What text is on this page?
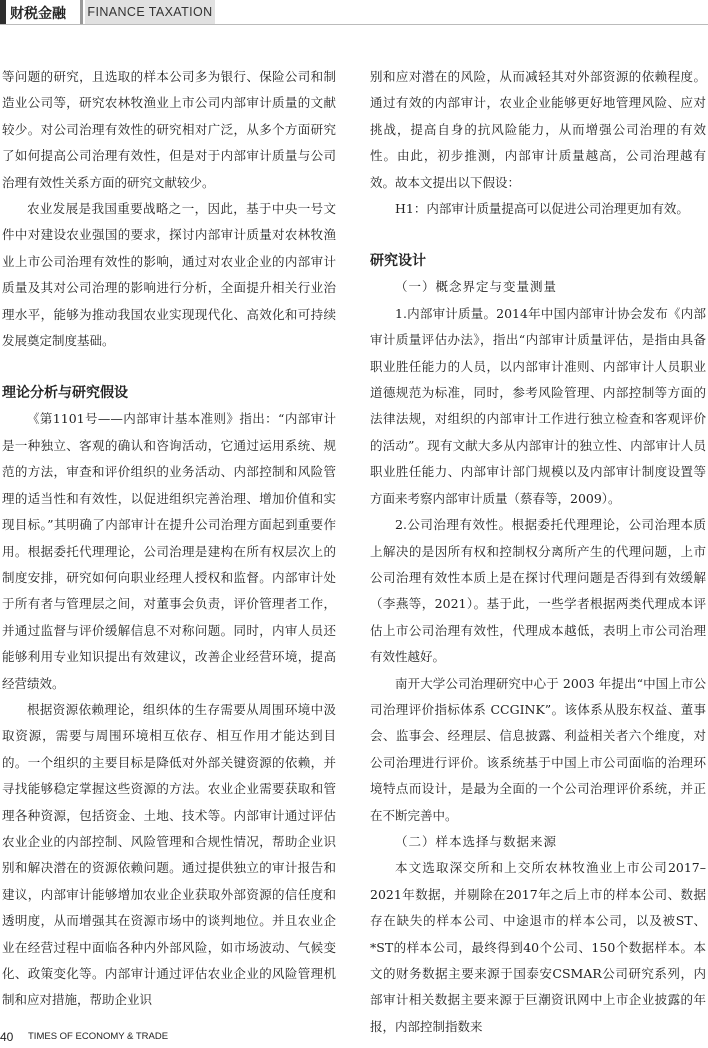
财税金融 FINANCE TAXATION

等问题的研究，且选取的样本公司多为银行、保险公司和制造业公司等，研究农林牧渔业上市公司内部审计质量的文献较少。对公司治理有效性的研究相对广泛，从多个方面研究了如何提高公司治理有效性，但是对于内部审计质量与公司治理有效性关系方面的研究文献较少。

农业发展是我国重要战略之一，因此，基于中央一号文件中对建设农业强国的要求，探讨内部审计质量对农林牧渔业上市公司治理有效性的影响，通过对农业企业的内部审计质量及其对公司治理的影响进行分析，全面提升相关行业治理水平，能够为推动我国农业实现现代化、高效化和可持续发展奠定制度基础。

理论分析与研究假设

《第1101号——内部审计基本准则》指出：“内部审计是一种独立、客观的确认和咨询活动，它通过运用系统、规范的方法，审查和评价组织的业务活动、内部控制和风险管理的适当性和有效性，以促进组织完善治理、增加价值和实现目标。”其明确了内部审计在提升公司治理方面起到重要作用。根据委托代理理论，公司治理是建构在所有权层次上的制度安排，研究如何向职业经理人授权和监督。内部审计处于所有者与管理层之间，对董事会负责，评价管理者工作，并通过监督与评价缓解信息不对称问题。同时，内审人员还能够利用专业知识提出有效建议，改善企业经营环境，提高经营绩效。

根据资源依赖理论，组织体的生存需要从周围环境中汲取资源，需要与周围环境相互依存、相互作用才能达到目的。一个组织的主要目标是降低对外部关键资源的依赖，并寻找能够稳定掌握这些资源的方法。农业企业需要获取和管理各种资源，包括资金、土地、技术等。内部审计通过评估农业企业的内部控制、风险管理和合规性情况，帮助企业识别和解决潜在的资源依赖问题。通过提供独立的审计报告和建议，内部审计能够增加农业企业获取外部资源的信任度和透明度，从而增强其在资源市场中的谈判地位。并且农业企业在经营过程中面临各种内外部风险，如市场波动、气候变化、政策变化等。内部审计通过评估农业企业的风险管理机制和应对措施，帮助企业识

别和应对潜在的风险，从而减轻其对外部资源的依赖程度。通过有效的内部审计，农业企业能够更好地管理风险、应对挑战，提高自身的抗风险能力，从而增强公司治理的有效性。由此，初步推测，内部审计质量越高，公司治理越有效。故本文提出以下假设：

H1：内部审计质量提高可以促进公司治理更加有效。

研究设计

（一）概念界定与变量测量

1.内部审计质量。2014年中国内部审计协会发布《内部审计质量评估办法》，指出“内部审计质量评估，是指由具备职业胜任能力的人员，以内部审计准则、内部审计人员职业道德规范为标准，同时，参考风险管理、内部控制等方面的法律法规，对组织的内部审计工作进行独立检查和客观评价的活动”。现有文献大多从内部审计的独立性、内部审计人员职业胜任能力、内部审计部门规模以及内部审计制度设置等方面来考察内部审计质量（蔡春等，2009）。

2.公司治理有效性。根据委托代理理论，公司治理本质上解决的是因所有权和控制权分离所产生的代理问题，上市公司治理有效性本质上是在探讨代理问题是否得到有效缓解（李燕等，2021）。基于此，一些学者根据两类代理成本评估上市公司治理有效性，代理成本越低，表明上市公司治理有效性越好。

南开大学公司治理研究中心于 2003 年提出“中国上市公司治理评价指标体系 CCGINK”。该体系从股东权益、董事会、监事会、经理层、信息披露、利益相关者六个维度，对公司治理进行评价。该系统基于中国上市公司面临的治理环境特点而设计，是最为全面的一个公司治理评价系统，并正在不断完善中。

（二）样本选择与数据来源

本文选取深交所和上交所农林牧渔业上市公司2017–2021年数据，并剔除在2017年之后上市的样本公司、数据存在缺失的样本公司、中途退市的样本公司，以及被ST、*ST的样本公司，最终得到40个公司、150个数据样本。本文的财务数据主要来源于国泰安CSMAR公司研究系列，内部审计相关数据主要来源于巨潮资讯网中上市企业披露的年报，内部控制指数来

40 TIMES OF ECONOMY & TRADE
